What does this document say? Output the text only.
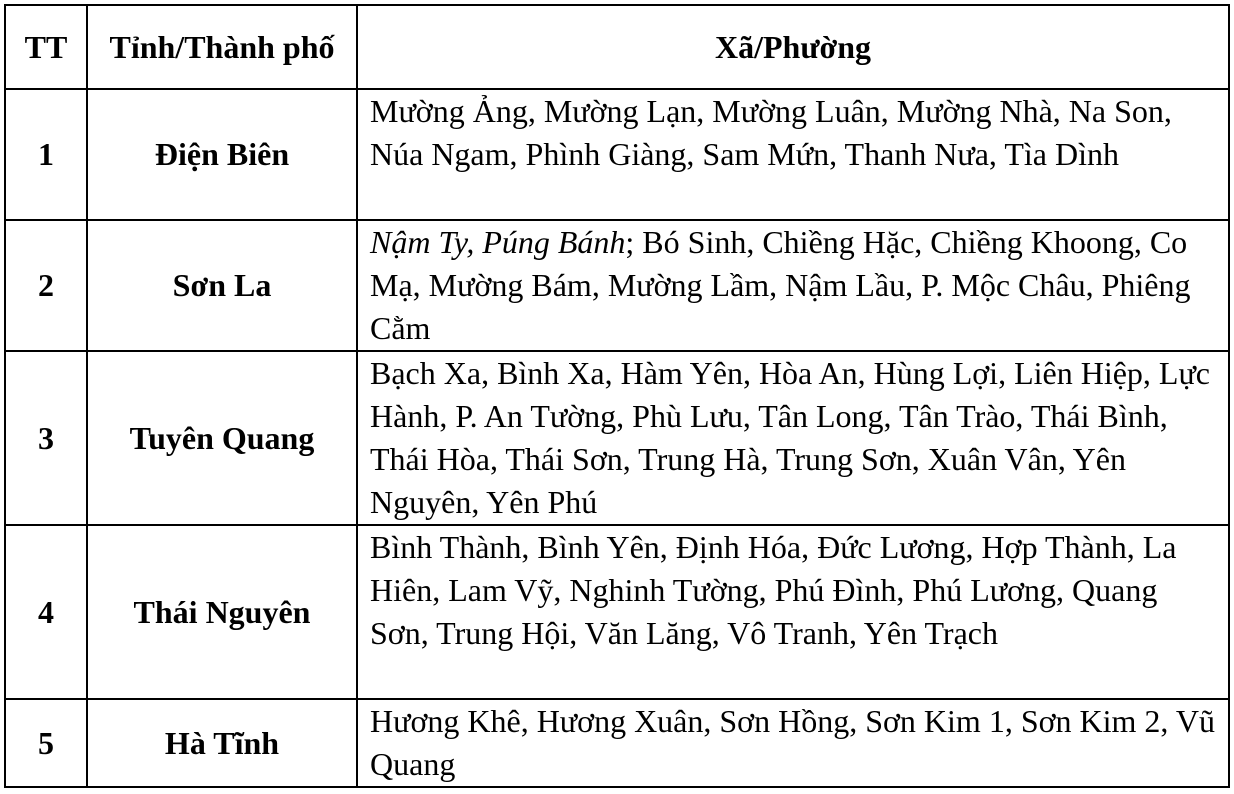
TT	Tỉnh/Thành phố	Xã/Phường
1	Điện Biên	Mường Ảng, Mường Lạn, Mường Luân, Mường Nhà, Na Son, Núa Ngam, Phình Giàng, Sam Mứn, Thanh Nưa, Tìa Dình
2	Sơn La	Nậm Ty, Púng Bánh; Bó Sinh, Chiềng Hặc, Chiềng Khoong, Co Mạ, Mường Bám, Mường Lầm, Nậm Lầu, P. Mộc Châu, Phiêng Cằm
3	Tuyên Quang	Bạch Xa, Bình Xa, Hàm Yên, Hòa An, Hùng Lợi, Liên Hiệp, Lực Hành, P. An Tường, Phù Lưu, Tân Long, Tân Trào, Thái Bình, Thái Hòa, Thái Sơn, Trung Hà, Trung Sơn, Xuân Vân, Yên Nguyên, Yên Phú
4	Thái Nguyên	Bình Thành, Bình Yên, Định Hóa, Đức Lương, Hợp Thành, La Hiên, Lam Vỹ, Nghinh Tường, Phú Đình, Phú Lương, Quang Sơn, Trung Hội, Văn Lăng, Vô Tranh, Yên Trạch
5	Hà Tĩnh	Hương Khê, Hương Xuân, Sơn Hồng, Sơn Kim 1, Sơn Kim 2, Vũ Quang
